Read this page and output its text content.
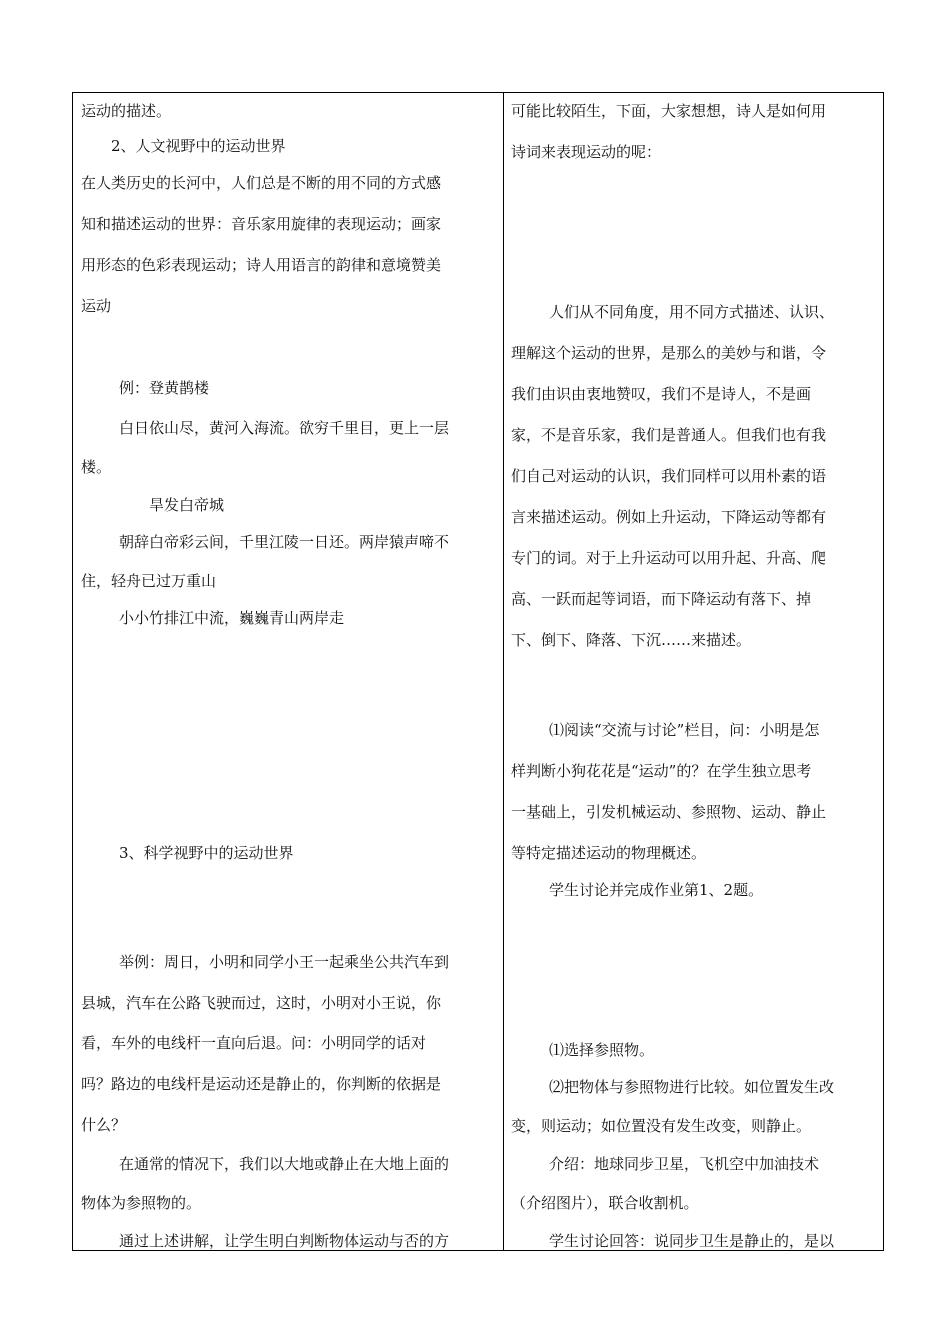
运动的描述。
2、人文视野中的运动世界
在人类历史的长河中，人们总是不断的用不同的方式感
知和描述运动的世界：音乐家用旋律的表现运动；画家
用形态的色彩表现运动；诗人用语言的韵律和意境赞美
运动
例：登黄鹊楼
白日依山尽，黄河入海流。欲穷千里目，更上一层
楼。
旱发白帝城
朝辞白帝彩云间，千里江陵一日还。两岸猿声啼不
住，轻舟已过万重山
小小竹排江中流，巍巍青山两岸走
3、科学视野中的运动世界
举例：周日，小明和同学小王一起乘坐公共汽车到
县城，汽车在公路飞驶而过，这时，小明对小王说，你
看，车外的电线杆一直向后退。问：小明同学的话对
吗？路边的电线杆是运动还是静止的，你判断的依据是
什么？
在通常的情况下，我们以大地或静止在大地上面的
物体为参照物的。
通过上述讲解，让学生明白判断物体运动与否的方
可能比较陌生，下面，大家想想，诗人是如何用
诗词来表现运动的呢：
人们从不同角度，用不同方式描述、认识、
理解这个运动的世界，是那么的美妙与和谐，令
我们由识由衷地赞叹，我们不是诗人，不是画
家，不是音乐家，我们是普通人。但我们也有我
们自己对运动的认识，我们同样可以用朴素的语
言来描述运动。例如上升运动，下降运动等都有
专门的词。对于上升运动可以用升起、升高、爬
高、一跃而起等词语，而下降运动有落下、掉
下、倒下、降落、下沉……来描述。
⑴阅读“交流与讨论”栏目，问：小明是怎
样判断小狗花花是“运动”的？在学生独立思考
一基础上，引发机械运动、参照物、运动、静止
等特定描述运动的物理概述。
学生讨论并完成作业第1、2题。
⑴选择参照物。
⑵把物体与参照物进行比较。如位置发生改
变，则运动；如位置没有发生改变，则静止。
介绍：地球同步卫星，飞机空中加油技术
（介绍图片），联合收割机。
学生讨论回答：说同步卫生是静止的，是以
